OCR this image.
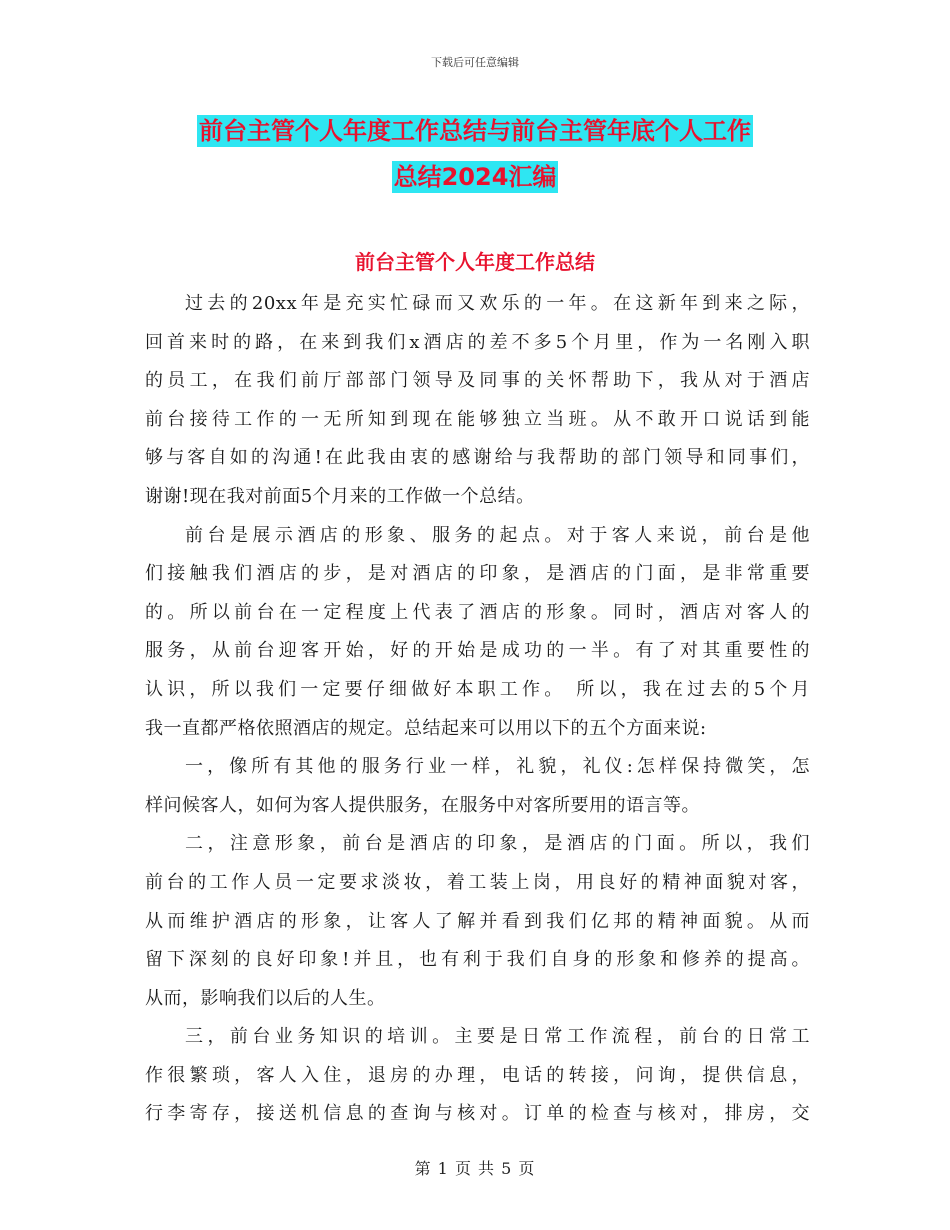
下载后可任意编辑
前台主管个人年度工作总结与前台主管年底个人工作
总结2024汇编
前台主管个人年度工作总结
过去的20xx年是充实忙碌而又欢乐的一年。在这新年到来之际，
回首来时的路，在来到我们x酒店的差不多5个月里，作为一名刚入职
的员工，在我们前厅部部门领导及同事的关怀帮助下，我从对于酒店
前台接待工作的一无所知到现在能够独立当班。从不敢开口说话到能
够与客自如的沟通!在此我由衷的感谢给与我帮助的部门领导和同事们，
谢谢!现在我对前面5个月来的工作做一个总结。
前台是展示酒店的形象、服务的起点。对于客人来说，前台是他
们接触我们酒店的步，是对酒店的印象，是酒店的门面，是非常重要
的。所以前台在一定程度上代表了酒店的形象。同时，酒店对客人的
服务，从前台迎客开始，好的开始是成功的一半。有了对其重要性的
认识，所以我们一定要仔细做好本职工作。 所以，我在过去的5个月
我一直都严格依照酒店的规定。总结起来可以用以下的五个方面来说:
一，像所有其他的服务行业一样，礼貌，礼仪:怎样保持微笑，怎
样问候客人，如何为客人提供服务，在服务中对客所要用的语言等。
二，注意形象，前台是酒店的印象，是酒店的门面。所以，我们
前台的工作人员一定要求淡妆，着工装上岗，用良好的精神面貌对客，
从而维护酒店的形象，让客人了解并看到我们亿邦的精神面貌。从而
留下深刻的良好印象!并且，也有利于我们自身的形象和修养的提高。
从而，影响我们以后的人生。
三，前台业务知识的培训。主要是日常工作流程，前台的日常工
作很繁琐，客人入住，退房的办理，电话的转接，问询，提供信息，
行李寄存，接送机信息的查询与核对。订单的检查与核对，排房，交
第 1 页 共 5 页
